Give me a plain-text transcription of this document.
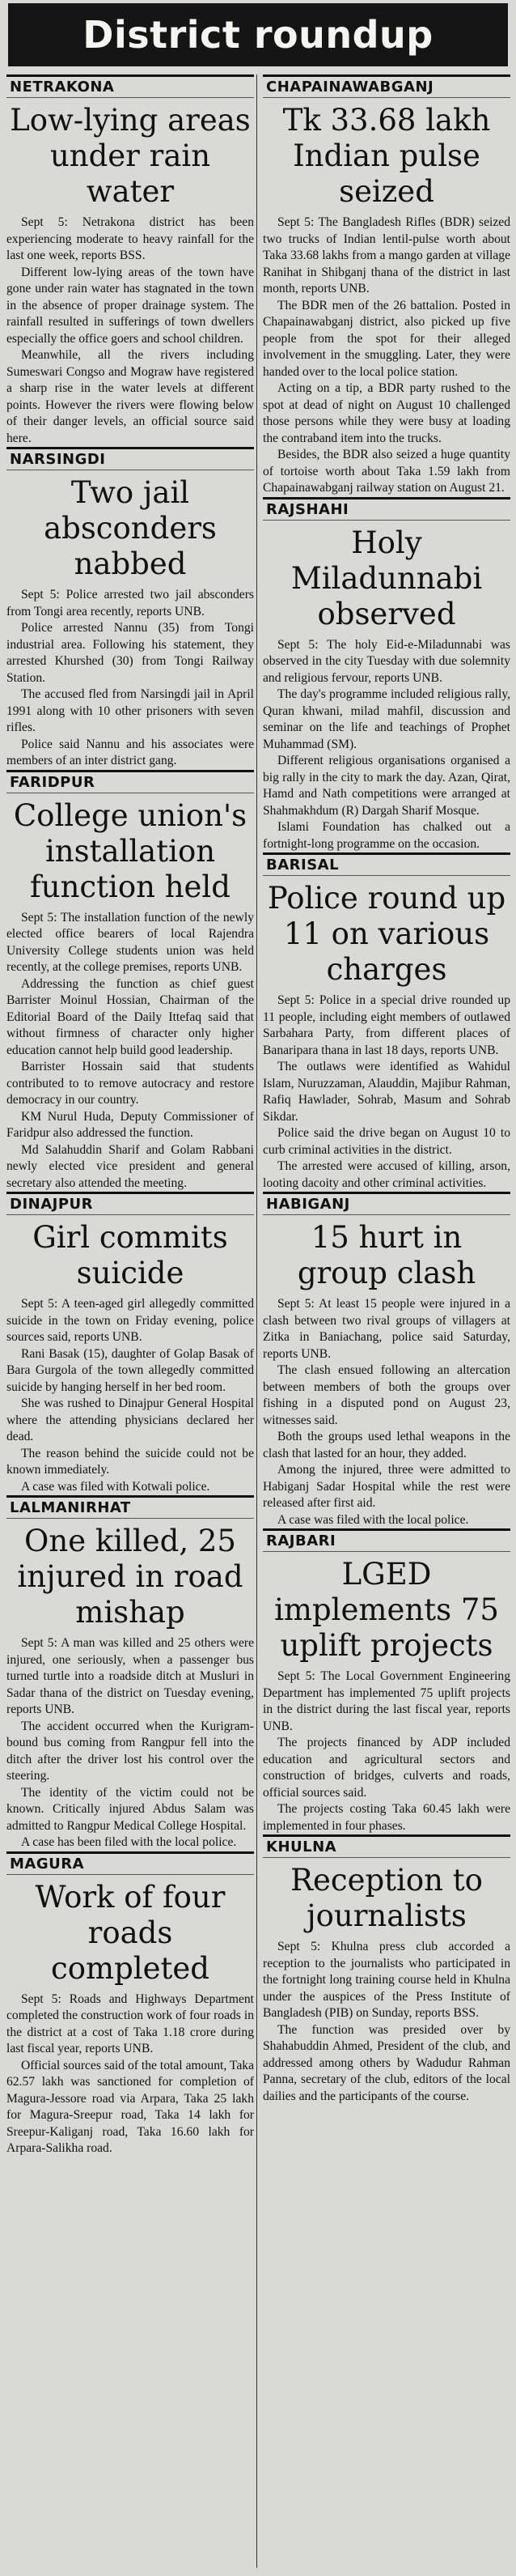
District roundup
NETRAKONA
Low-lying areas under rain water

Sept 5: Netrakona district has been experiencing moderate to heavy rainfall for the last one week, reports BSS.

Different low-lying areas of the town have gone under rain water has stagnated in the town in the absence of proper drainage system. The rainfall resulted in sufferings of town dwellers especially the office goers and school children.

Meanwhile, all the rivers including Sumeswari Congso and Mograw have registered a sharp rise in the water levels at different points. However the rivers were flowing below of their danger levels, an official source said here.

NARSINGDI
Two jail absconders nabbed

Sept 5: Police arrested two jail absconders from Tongi area recently, reports UNB.

Police arrested Nannu (35) from Tongi industrial area. Following his statement, they arrested Khurshed (30) from Tongi Railway Station.

The accused fled from Narsingdi jail in April 1991 along with 10 other prisoners with seven rifles.

Police said Nannu and his associates were members of an inter district gang.

FARIDPUR
College union's installation function held

Sept 5: The installation function of the newly elected office bearers of local Rajendra University College students union was held recently, at the college premises, reports UNB.

Addressing the function as chief guest Barrister Moinul Hossian, Chairman of the Editorial Board of the Daily Ittefaq said that without firmness of character only higher education cannot help build good leadership.

Barrister Hossain said that students contributed to to remove autocracy and restore democracy in our country.

KM Nurul Huda, Deputy Commissioner of Faridpur also addressed the function.

Md Salahuddin Sharif and Golam Rabbani newly elected vice president and general secretary also attended the meeting.

DINAJPUR
Girl commits suicide

Sept 5: A teen-aged girl allegedly committed suicide in the town on Friday evening, police sources said, reports UNB.

Rani Basak (15), daughter of Golap Basak of Bara Gurgola of the town allegedly committed suicide by hanging herself in her bed room.

She was rushed to Dinajpur General Hospital where the attending physicians declared her dead.

The reason behind the suicide could not be known immediately.

A case was filed with Kotwali police.

LALMANIRHAT
One killed, 25 injured in road mishap

Sept 5: A man was killed and 25 others were injured, one seriously, when a passenger bus turned turtle into a roadside ditch at Musluri in Sadar thana of the district on Tuesday evening, reports UNB.

The accident occurred when the Kurigram-bound bus coming from Rangpur fell into the ditch after the driver lost his control over the steering.

The identity of the victim could not be known. Critically injured Abdus Salam was admitted to Rangpur Medical College Hospital.

A case has been filed with the local police.

MAGURA
Work of four roads completed

Sept 5: Roads and Highways Department completed the construction work of four roads in the district at a cost of Taka 1.18 crore during last fiscal year, reports UNB.

Official sources said of the total amount, Taka 62.57 lakh was sanctioned for completion of Magura-Jessore road via Arpara, Taka 25 lakh for Magura-Sreepur road, Taka 14 lakh for Sreepur-Kaliganj road, Taka 16.60 lakh for Arpara-Salikha road.

CHAPAINAWABGANJ
Tk 33.68 lakh Indian pulse seized

Sept 5: The Bangladesh Rifles (BDR) seized two trucks of Indian lentil-pulse worth about Taka 33.68 lakhs from a mango garden at village Ranihat in Shibganj thana of the district in last month, reports UNB.

The BDR men of the 26 battalion. Posted in Chapainawabganj district, also picked up five people from the spot for their alleged involvement in the smuggling. Later, they were handed over to the local police station.

Acting on a tip, a BDR party rushed to the spot at dead of night on August 10 challenged those persons while they were busy at loading the contraband item into the trucks.

Besides, the BDR also seized a huge quantity of tortoise worth about Taka 1.59 lakh from Chapainawabganj railway station on August 21.

RAJSHAHI
Holy Miladunnabi observed

Sept 5: The holy Eid-e-Miladunnabi was observed in the city Tuesday with due solemnity and religious fervour, reports UNB.

The day's programme included religious rally, Quran khwani, milad mahfil, discussion and seminar on the life and teachings of Prophet Muhammad (SM).

Different religious organisations organised a big rally in the city to mark the day. Azan, Qirat, Hamd and Nath competitions were arranged at Shahmakhdum (R) Dargah Sharif Mosque.

Islami Foundation has chalked out a fortnight-long programme on the occasion.

BARISAL
Police round up 11 on various charges

Sept 5: Police in a special drive rounded up 11 people, including eight members of outlawed Sarbahara Party, from different places of Banaripara thana in last 18 days, reports UNB.

The outlaws were identified as Wahidul Islam, Nuruzzaman, Alauddin, Majibur Rahman, Rafiq Hawlader, Sohrab, Masum and Sohrab Sikdar.

Police said the drive began on August 10 to curb criminal activities in the district.

The arrested were accused of killing, arson, looting dacoity and other criminal activities.

HABIGANJ
15 hurt in group clash

Sept 5: At least 15 people were injured in a clash between two rival groups of villagers at Zitka in Baniachang, police said Saturday, reports UNB.

The clash ensued following an altercation between members of both the groups over fishing in a disputed pond on August 23, witnesses said.

Both the groups used lethal weapons in the clash that lasted for an hour, they added.

Among the injured, three were admitted to Habiganj Sadar Hospital while the rest were released after first aid.

A case was filed with the local police.

RAJBARI
LGED implements 75 uplift projects

Sept 5: The Local Government Engineering Department has implemented 75 uplift projects in the district during the last fiscal year, reports UNB.

The projects financed by ADP included education and agricultural sectors and construction of bridges, culverts and roads, official sources said.

The projects costing Taka 60.45 lakh were implemented in four phases.

KHULNA
Reception to journalists

Sept 5: Khulna press club accorded a reception to the journalists who participated in the fortnight long training course held in Khulna under the auspices of the Press Institute of Bangladesh (PIB) on Sunday, reports BSS.

The function was presided over by Shahabuddin Ahmed, President of the club, and addressed among others by Wadudur Rahman Panna, secretary of the club, editors of the local dailies and the participants of the course.
